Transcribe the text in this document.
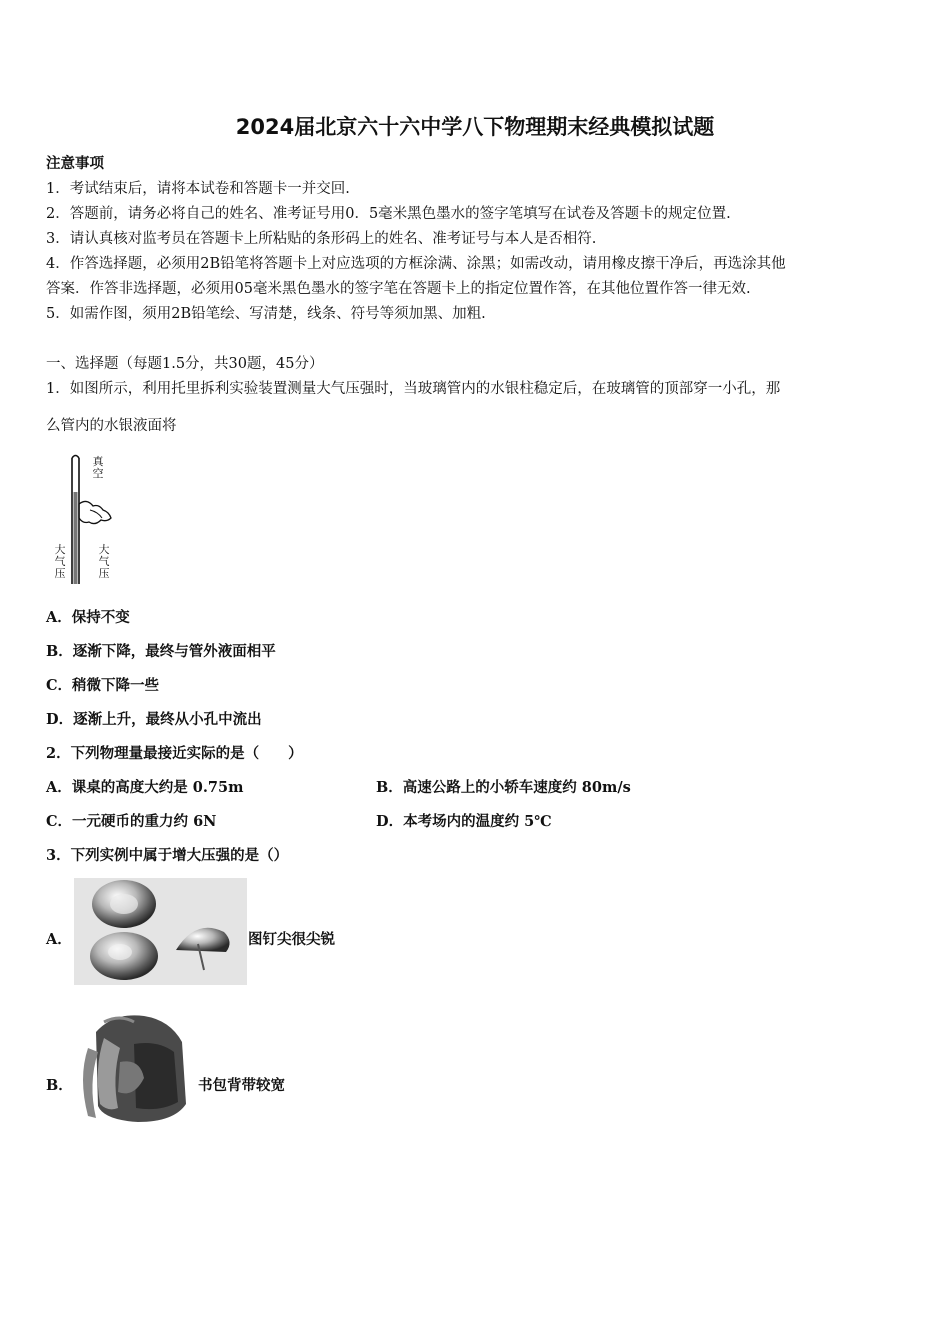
2024届北京六十六中学八下物理期末经典模拟试题
注意事项
1．考试结束后，请将本试卷和答题卡一并交回.
2．答题前，请务必将自己的姓名、准考证号用0．5毫米黑色墨水的签字笔填写在试卷及答题卡的规定位置.
3．请认真核对监考员在答题卡上所粘贴的条形码上的姓名、准考证号与本人是否相符.
4．作答选择题，必须用2B铅笔将答题卡上对应选项的方框涂满、涂黑；如需改动，请用橡皮擦干净后，再选涂其他
答案．作答非选择题，必须用05毫米黑色墨水的签字笔在答题卡上的指定位置作答，在其他位置作答一律无效.
5．如需作图，须用2B铅笔绘、写清楚，线条、符号等须加黑、加粗.
一、选择题（每题1.5分，共30题，45分）
1．如图所示，利用托里拆利实验装置测量大气压强时，当玻璃管内的水银柱稳定后，在玻璃管的顶部穿一小孔，那
么管内的水银液面将
真空
大气压
大气压
A．保持不变
B．逐渐下降，最终与管外液面相平
C．稍微下降一些
D．逐渐上升，最终从小孔中流出
2．下列物理量最接近实际的是（　　）
A．课桌的高度大约是 0.75m	B．高速公路上的小轿车速度约 80m/s
C．一元硬币的重力约 6N	D．本考场内的温度约 5℃
3．下列实例中属于增大压强的是（）
A．	图钉尖很尖锐
B．	书包背带较宽
